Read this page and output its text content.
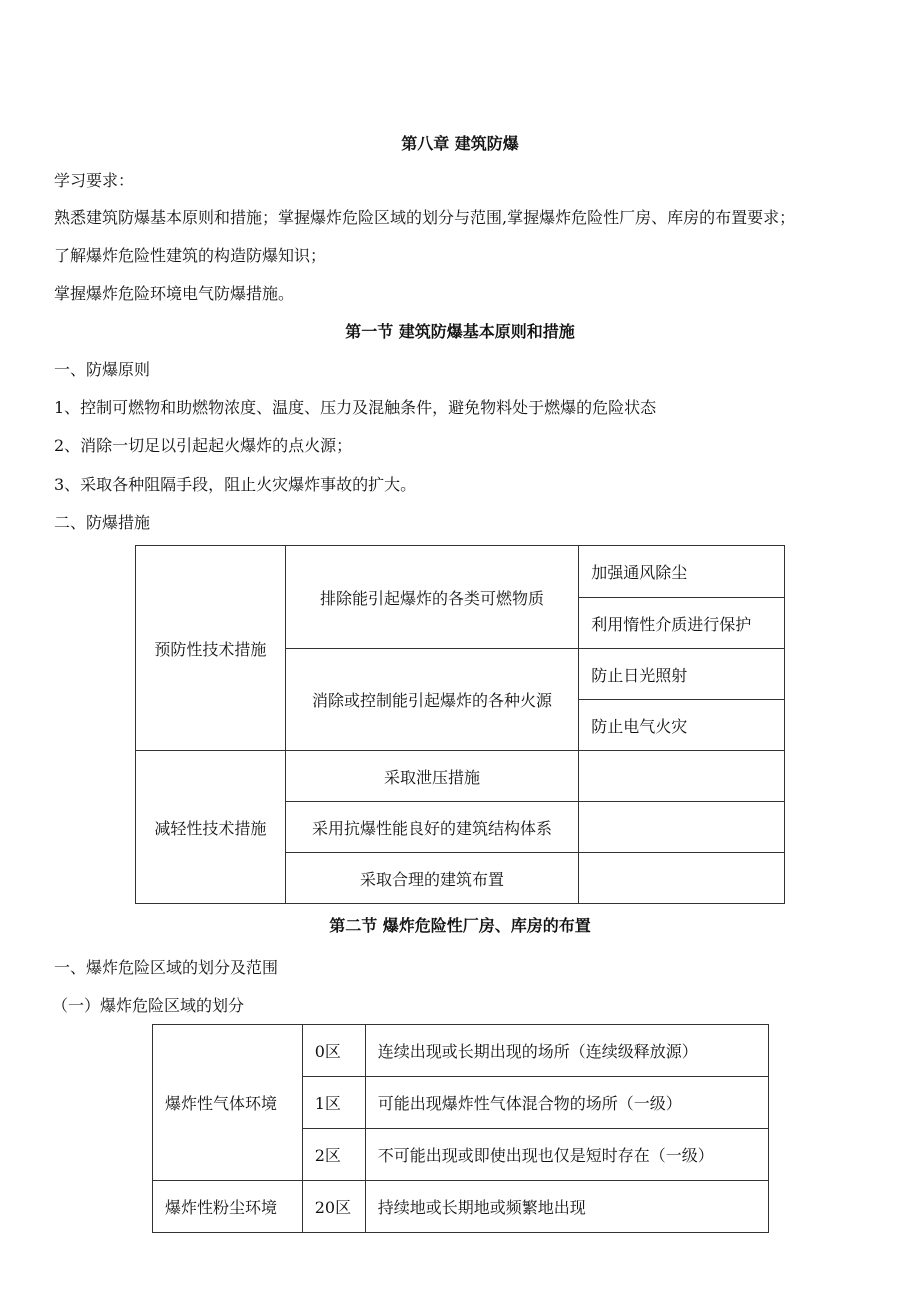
第八章 建筑防爆
学习要求：
熟悉建筑防爆基本原则和措施；掌握爆炸危险区域的划分与范围,掌握爆炸危险性厂房、库房的布置要求；
了解爆炸危险性建筑的构造防爆知识；
掌握爆炸危险环境电气防爆措施。
第一节 建筑防爆基本原则和措施
一、防爆原则
1、控制可燃物和助燃物浓度、温度、压力及混触条件，避免物料处于燃爆的危险状态
2、消除一切足以引起起火爆炸的点火源；
3、采取各种阻隔手段，阻止火灾爆炸事故的扩大。
二、防爆措施
预防性技术措施	排除能引起爆炸的各类可燃物质	加强通风除尘
		利用惰性介质进行保护
	消除或控制能引起爆炸的各种火源	防止日光照射
		防止电气火灾
减轻性技术措施	采取泄压措施	
	采用抗爆性能良好的建筑结构体系	
	采取合理的建筑布置	
第二节 爆炸危险性厂房、库房的布置
一、爆炸危险区域的划分及范围
（一）爆炸危险区域的划分
爆炸性气体环境	0区	连续出现或长期出现的场所（连续级释放源）
	1区	可能出现爆炸性气体混合物的场所（一级）
	2区	不可能出现或即使出现也仅是短时存在（一级）
爆炸性粉尘环境	20区	持续地或长期地或频繁地出现
